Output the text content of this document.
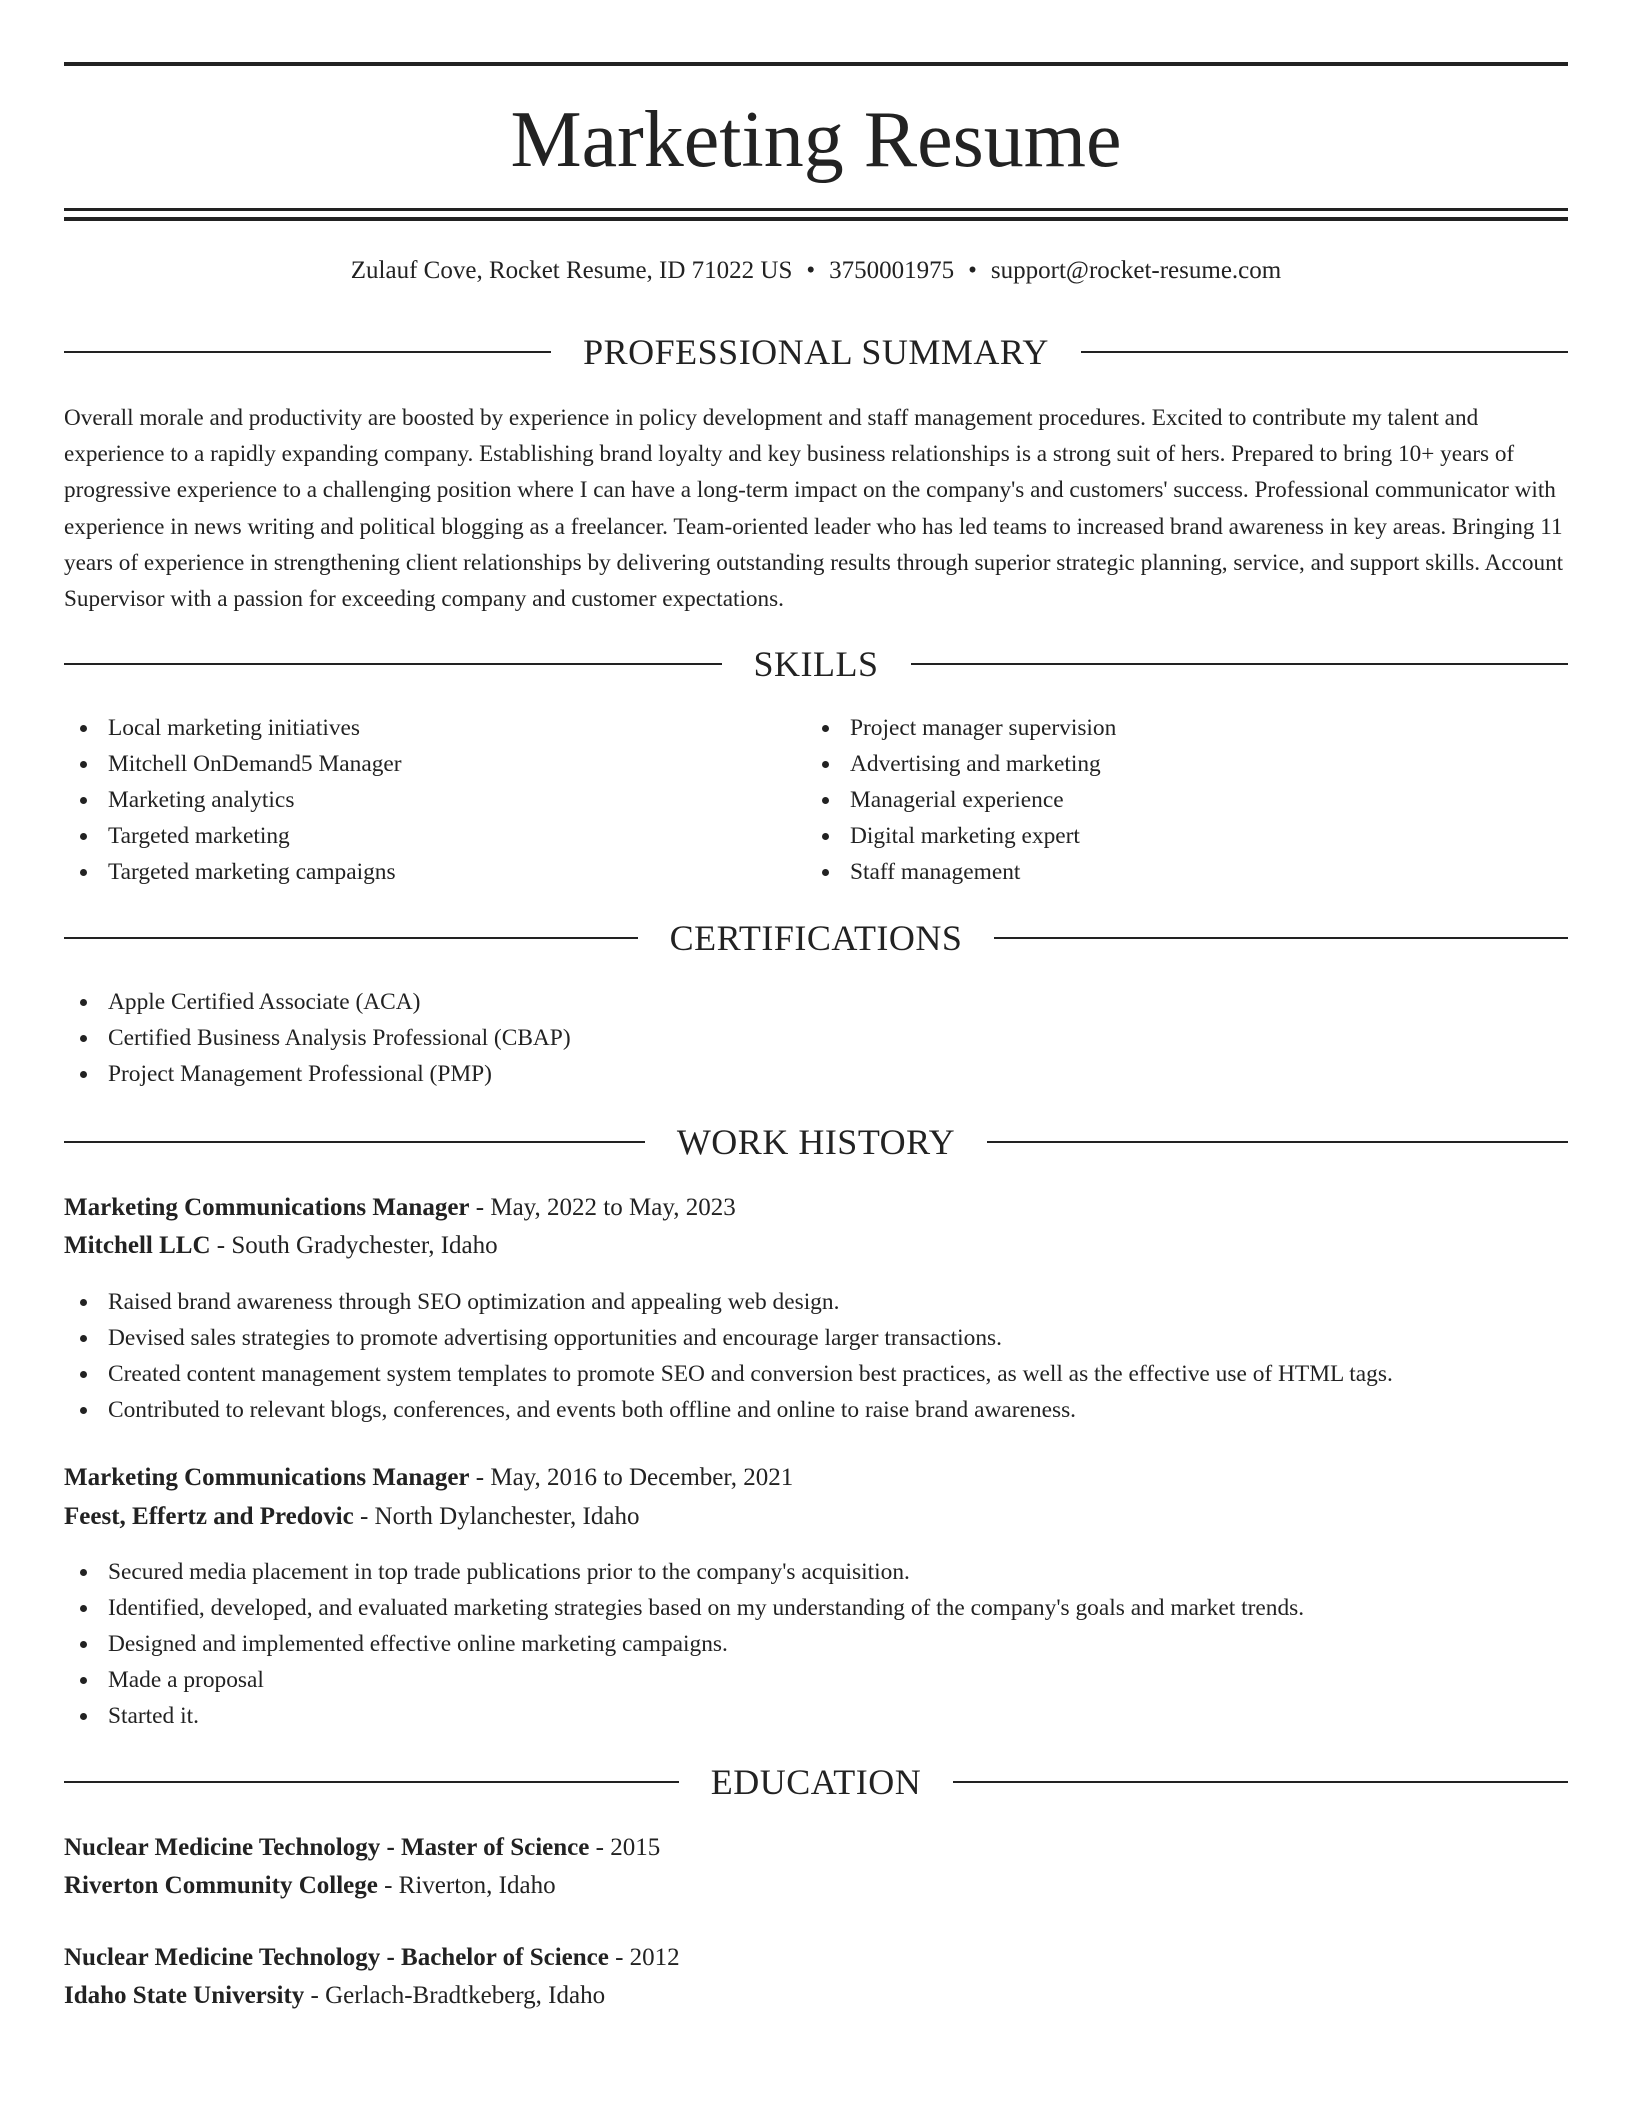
Marketing Resume
Zulauf Cove, Rocket Resume, ID 71022 US • 3750001975 • support@rocket-resume.com
PROFESSIONAL SUMMARY

Overall morale and productivity are boosted by experience in policy development and staff management procedures. Excited to contribute my talent and experience to a rapidly expanding company. Establishing brand loyalty and key business relationships is a strong suit of hers. Prepared to bring 10+ years of progressive experience to a challenging position where I can have a long-term impact on the company's and customers' success. Professional communicator with experience in news writing and political blogging as a freelancer. Team-oriented leader who has led teams to increased brand awareness in key areas. Bringing 11 years of experience in strengthening client relationships by delivering outstanding results through superior strategic planning, service, and support skills. Account Supervisor with a passion for exceeding company and customer expectations.

SKILLS
Local marketing initiatives
Mitchell OnDemand5 Manager
Marketing analytics
Targeted marketing
Targeted marketing campaigns
Project manager supervision
Advertising and marketing
Managerial experience
Digital marketing expert
Staff management
CERTIFICATIONS
Apple Certified Associate (ACA)
Certified Business Analysis Professional (CBAP)
Project Management Professional (PMP)
WORK HISTORY
Marketing Communications Manager - May, 2022 to May, 2023
Mitchell LLC - South Gradychester, Idaho
Raised brand awareness through SEO optimization and appealing web design.
Devised sales strategies to promote advertising opportunities and encourage larger transactions.
Created content management system templates to promote SEO and conversion best practices, as well as the effective use of HTML tags.
Contributed to relevant blogs, conferences, and events both offline and online to raise brand awareness.
Marketing Communications Manager - May, 2016 to December, 2021
Feest, Effertz and Predovic - North Dylanchester, Idaho
Secured media placement in top trade publications prior to the company's acquisition.
Identified, developed, and evaluated marketing strategies based on my understanding of the company's goals and market trends.
Designed and implemented effective online marketing campaigns.
Made a proposal
Started it.
EDUCATION
Nuclear Medicine Technology - Master of Science - 2015
Riverton Community College - Riverton, Idaho
Nuclear Medicine Technology - Bachelor of Science - 2012
Idaho State University - Gerlach-Bradtkeberg, Idaho
